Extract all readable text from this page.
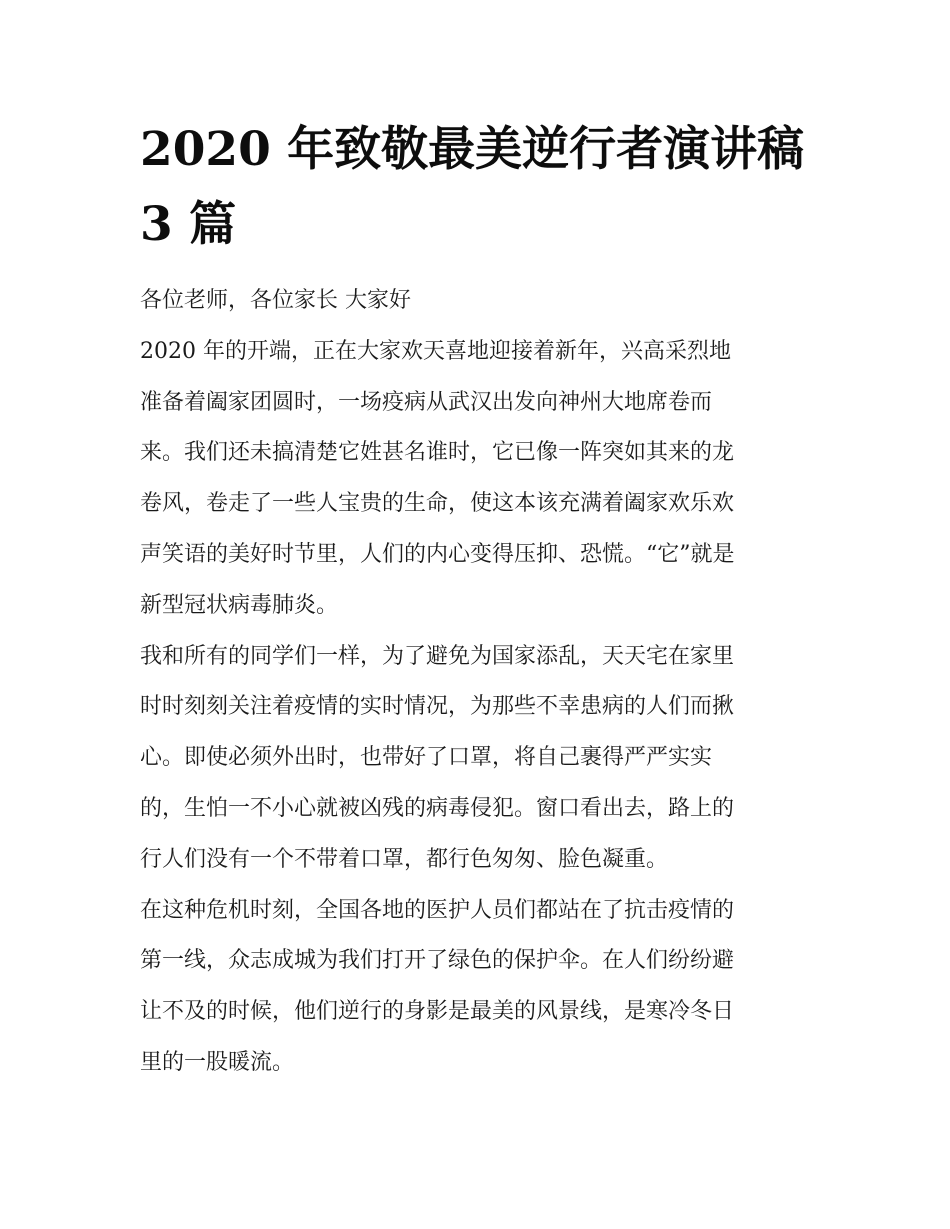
2020 年致敬最美逆行者演讲稿
3 篇
各位老师，各位家长 大家好
2020 年的开端，正在大家欢天喜地迎接着新年，兴高采烈地
准备着阖家团圆时，一场疫病从武汉出发向神州大地席卷而
来。我们还未搞清楚它姓甚名谁时，它已像一阵突如其来的龙
卷风，卷走了一些人宝贵的生命，使这本该充满着阖家欢乐欢
声笑语的美好时节里，人们的内心变得压抑、恐慌。“它”就是
新型冠状病毒肺炎。
我和所有的同学们一样，为了避免为国家添乱，天天宅在家里
时时刻刻关注着疫情的实时情况，为那些不幸患病的人们而揪
心。即使必须外出时，也带好了口罩，将自己裹得严严实实
的，生怕一不小心就被凶残的病毒侵犯。窗口看出去，路上的
行人们没有一个不带着口罩，都行色匆匆、脸色凝重。
在这种危机时刻，全国各地的医护人员们都站在了抗击疫情的
第一线，众志成城为我们打开了绿色的保护伞。在人们纷纷避
让不及的时候，他们逆行的身影是最美的风景线，是寒冷冬日
里的一股暖流。
